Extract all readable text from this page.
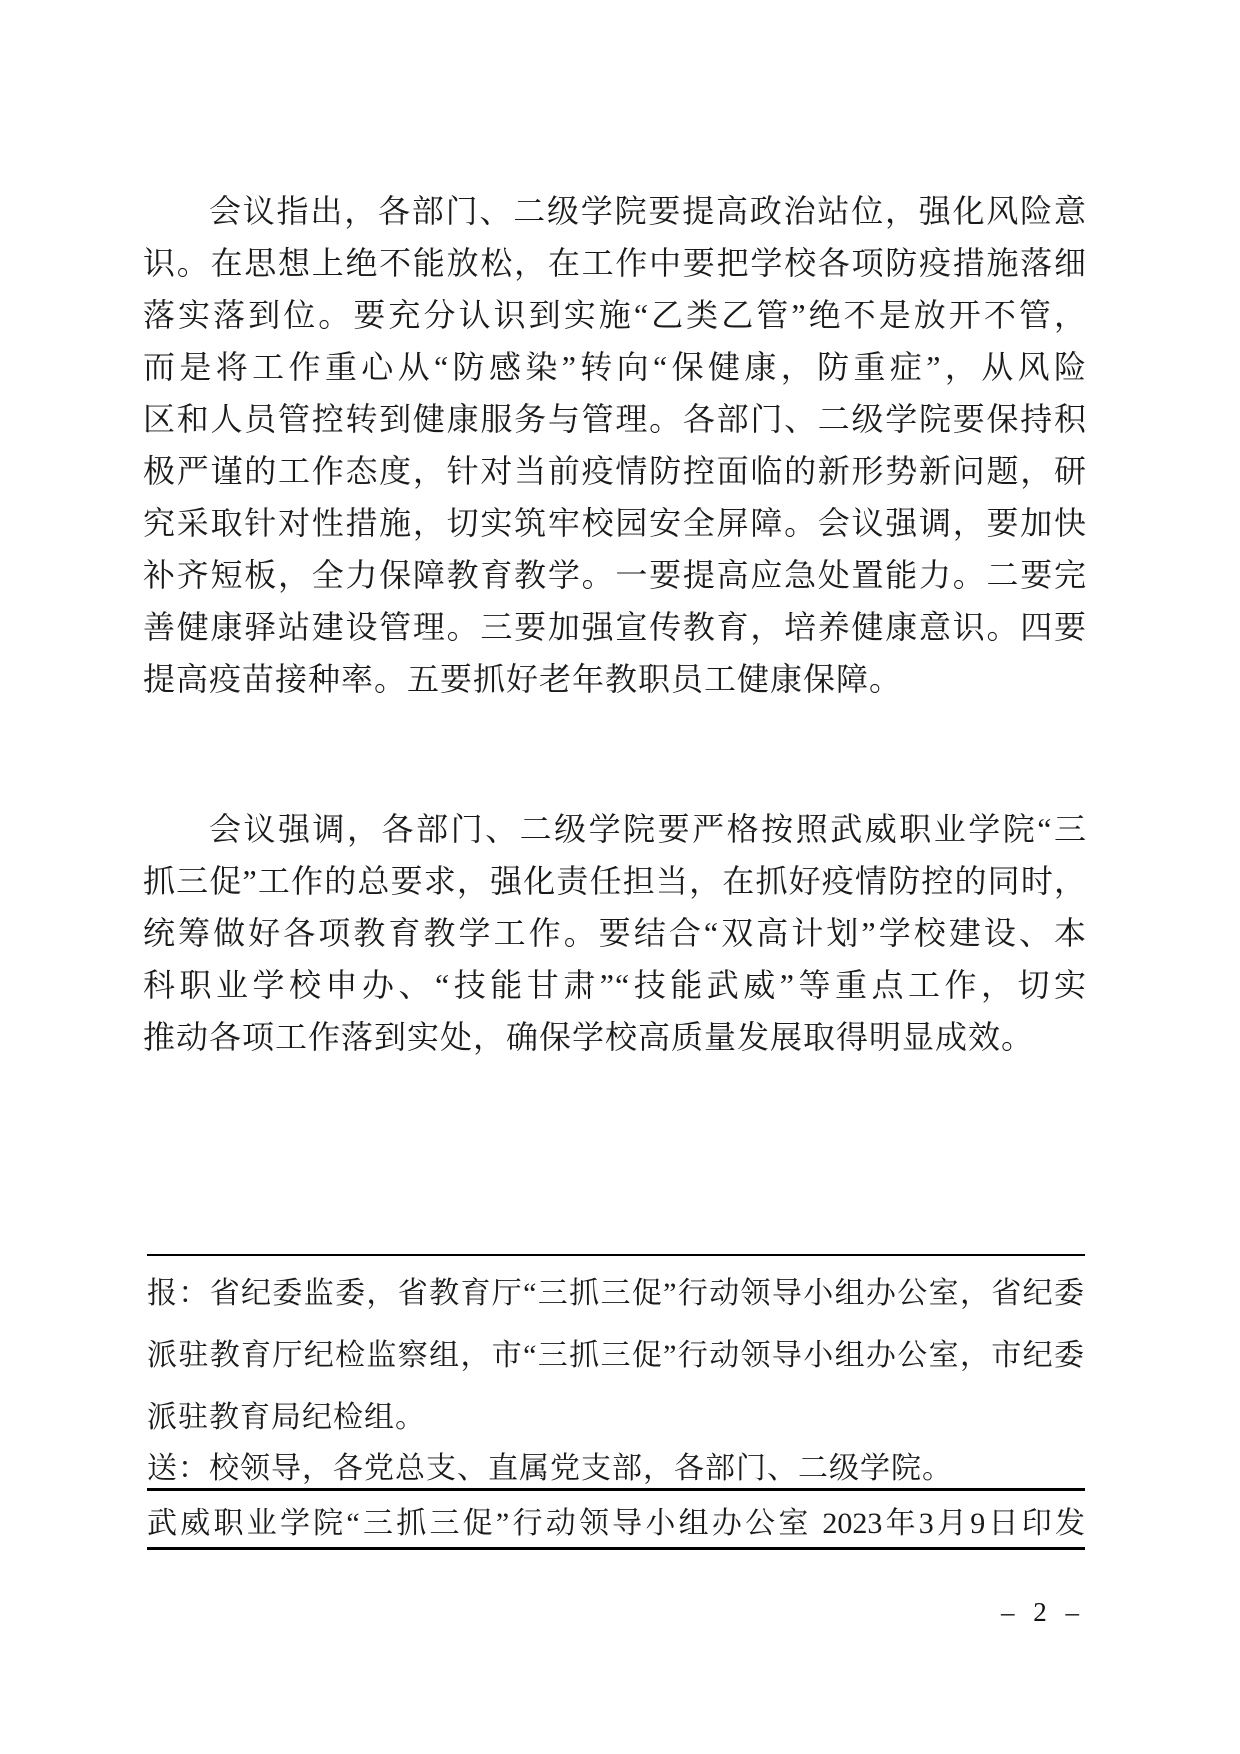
会议指出，各部门、二级学院要提高政治站位，强化风险意
识。在思想上绝不能放松，在工作中要把学校各项防疫措施落细
落实落到位。要充分认识到实施“乙类乙管”绝不是放开不管，
而是将工作重心从“防感染”转向“保健康，防重症”，从风险
区和人员管控转到健康服务与管理。各部门、二级学院要保持积
极严谨的工作态度，针对当前疫情防控面临的新形势新问题，研
究采取针对性措施，切实筑牢校园安全屏障。会议强调，要加快
补齐短板，全力保障教育教学。一要提高应急处置能力。二要完
善健康驿站建设管理。三要加强宣传教育，培养健康意识。四要
提高疫苗接种率。五要抓好老年教职员工健康保障。
会议强调，各部门、二级学院要严格按照武威职业学院“三
抓三促”工作的总要求，强化责任担当，在抓好疫情防控的同时，
统筹做好各项教育教学工作。要结合“双高计划”学校建设、本
科职业学校申办、“技能甘肃”“技能武威”等重点工作，切实
推动各项工作落到实处，确保学校高质量发展取得明显成效。
报：省纪委监委，省教育厅“三抓三促”行动领导小组办公室，省纪委
派驻教育厅纪检监察组，市“三抓三促”行动领导小组办公室，市纪委
派驻教育局纪检组。
送：校领导，各党总支、直属党支部，各部门、二级学院。
武威职业学院“三抓三促”行动领导小组办公室 2023年3月9日印发
– 2 –
